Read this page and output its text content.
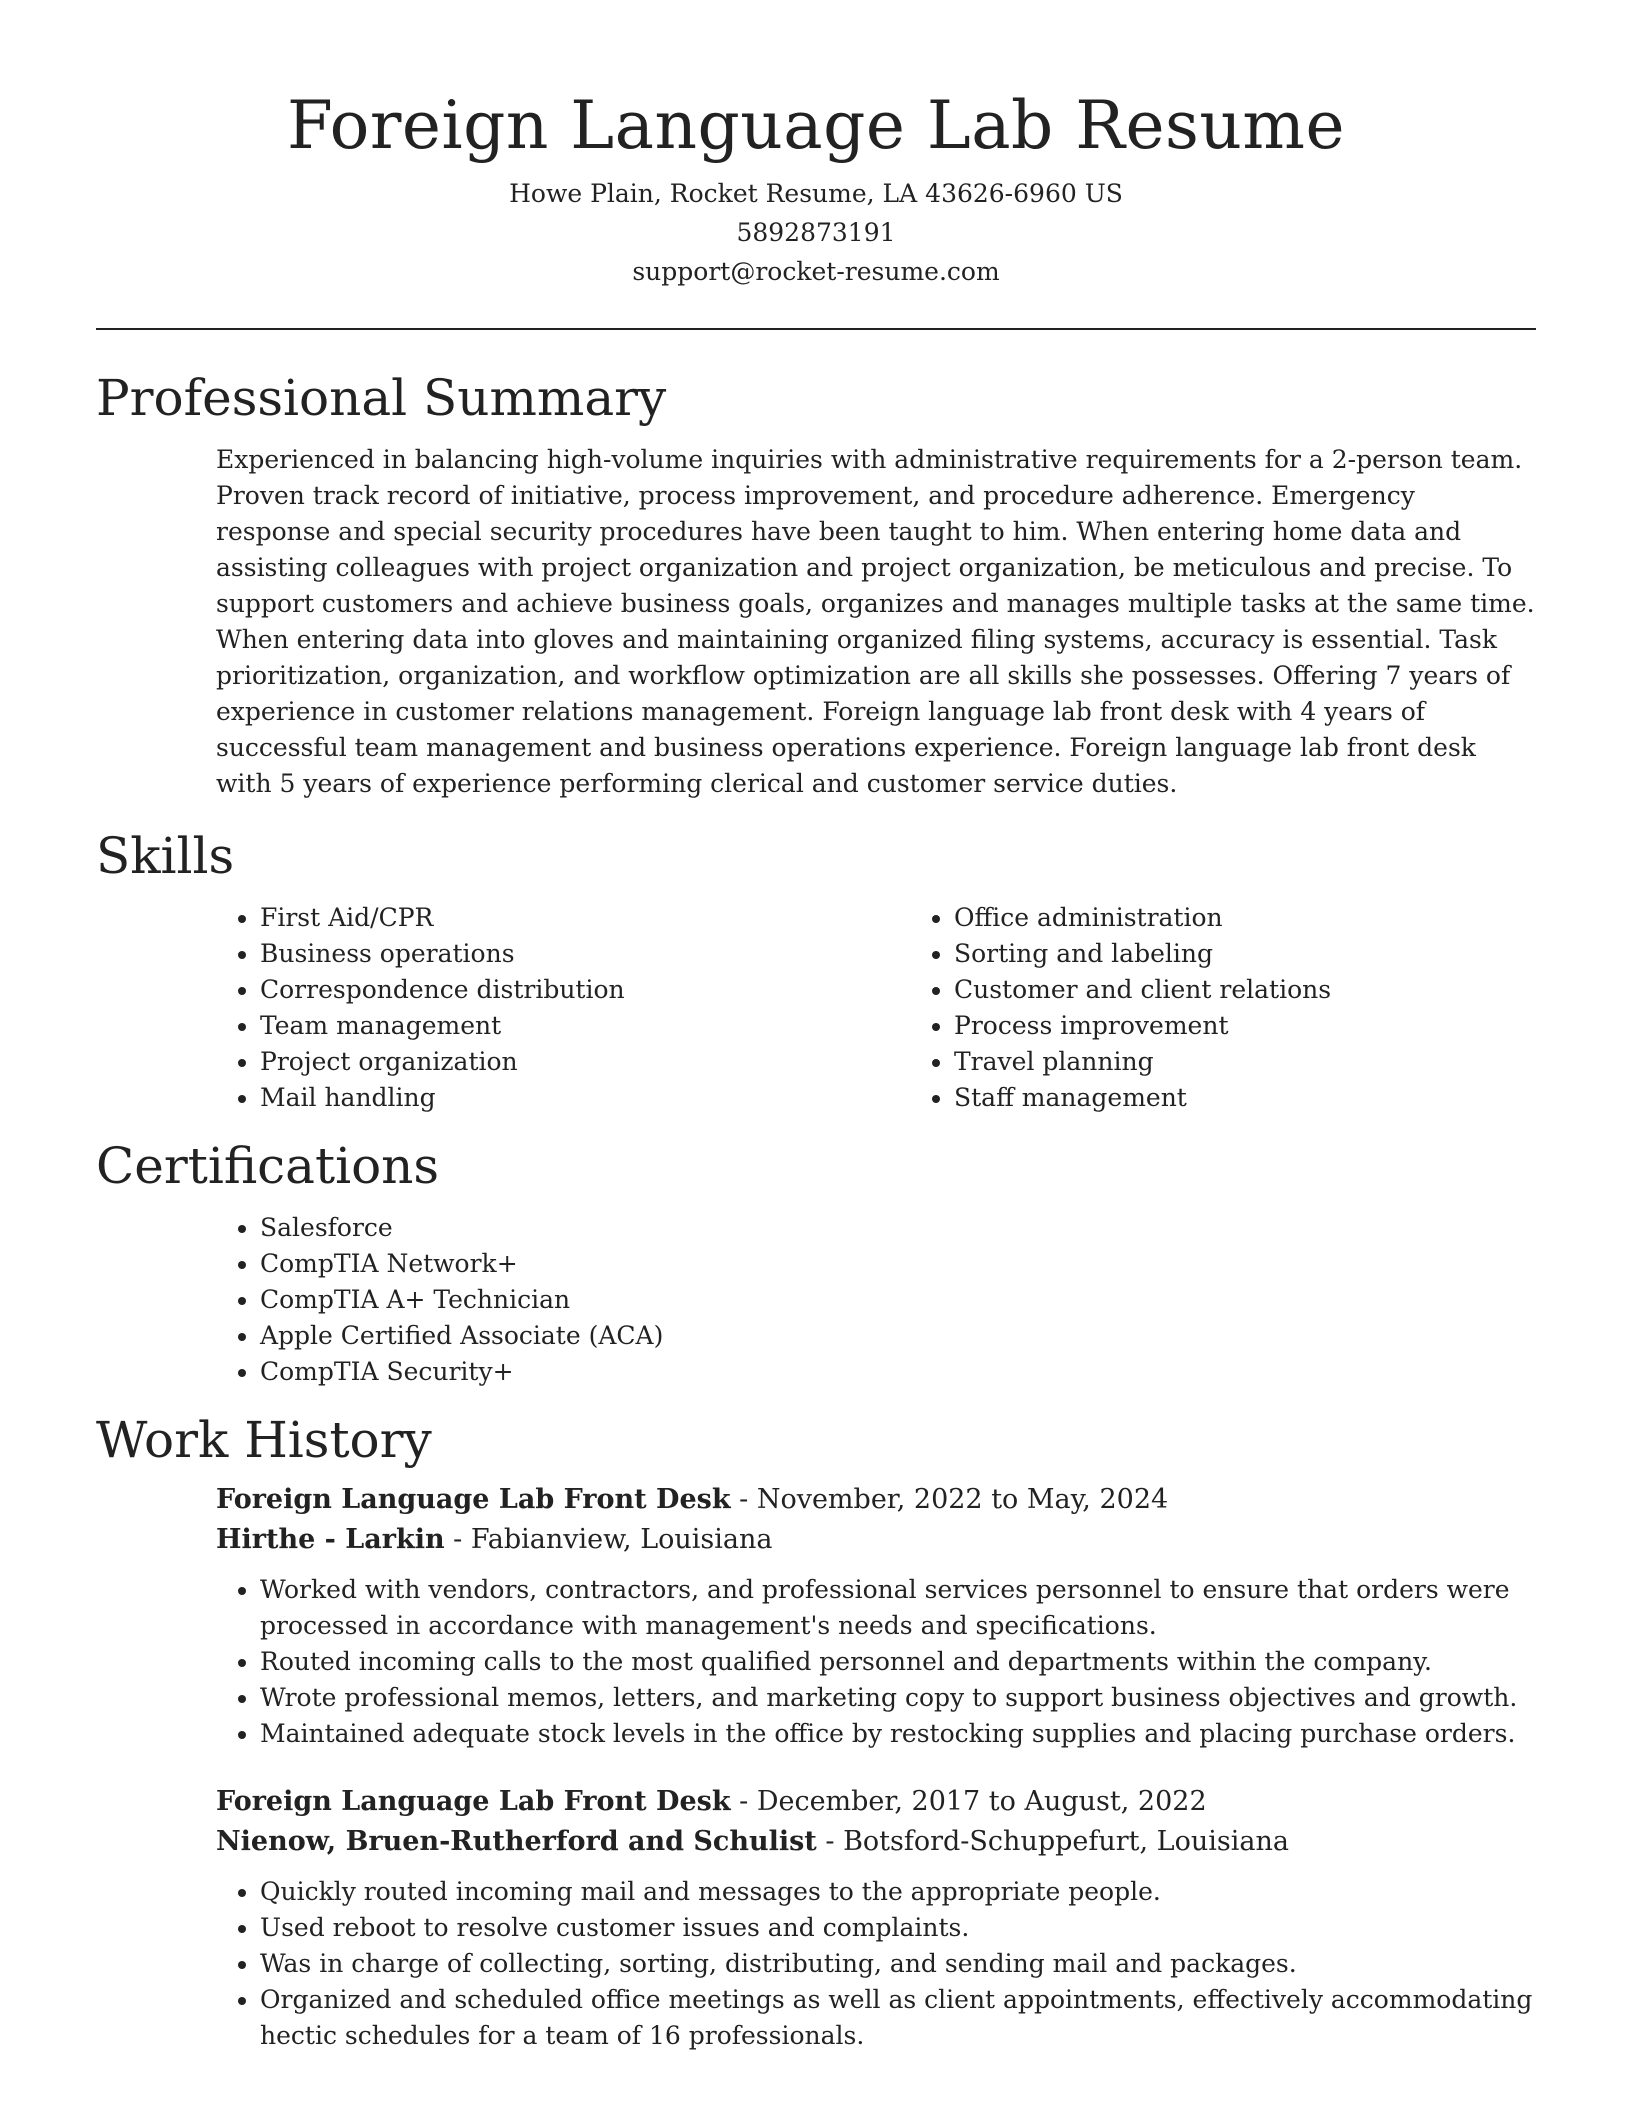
Foreign Language Lab Resume

Howe Plain, Rocket Resume, LA 43626-6960 US

5892873191

support@rocket-resume.com

Professional Summary

Experienced in balancing high-volume inquiries with administrative requirements for a 2-person team. Proven track record of initiative, process improvement, and procedure adherence. Emergency response and special security procedures have been taught to him. When entering home data and assisting colleagues with project organization and project organization, be meticulous and precise. To support customers and achieve business goals, organizes and manages multiple tasks at the same time. When entering data into gloves and maintaining organized filing systems, accuracy is essential. Task prioritization, organization, and workflow optimization are all skills she possesses. Offering 7 years of experience in customer relations management. Foreign language lab front desk with 4 years of successful team management and business operations experience. Foreign language lab front desk with 5 years of experience performing clerical and customer service duties.

Skills
• First Aid/CPR
• Business operations
• Correspondence distribution
• Team management
• Project organization
• Mail handling
• Office administration
• Sorting and labeling
• Customer and client relations
• Process improvement
• Travel planning
• Staff management
Certifications
• Salesforce
• CompTIA Network+
• CompTIA A+ Technician
• Apple Certified Associate (ACA)
• CompTIA Security+
Work History
Foreign Language Lab Front Desk - November, 2022 to May, 2024
Hirthe - Larkin - Fabianview, Louisiana
• Worked with vendors, contractors, and professional services personnel to ensure that orders were processed in accordance with management's needs and specifications.
• Routed incoming calls to the most qualified personnel and departments within the company.
• Wrote professional memos, letters, and marketing copy to support business objectives and growth.
• Maintained adequate stock levels in the office by restocking supplies and placing purchase orders.
Foreign Language Lab Front Desk - December, 2017 to August, 2022
Nienow, Bruen-Rutherford and Schulist - Botsford-Schuppefurt, Louisiana
• Quickly routed incoming mail and messages to the appropriate people.
• Used reboot to resolve customer issues and complaints.
• Was in charge of collecting, sorting, distributing, and sending mail and packages.
• Organized and scheduled office meetings as well as client appointments, effectively accommodating hectic schedules for a team of 16 professionals.
